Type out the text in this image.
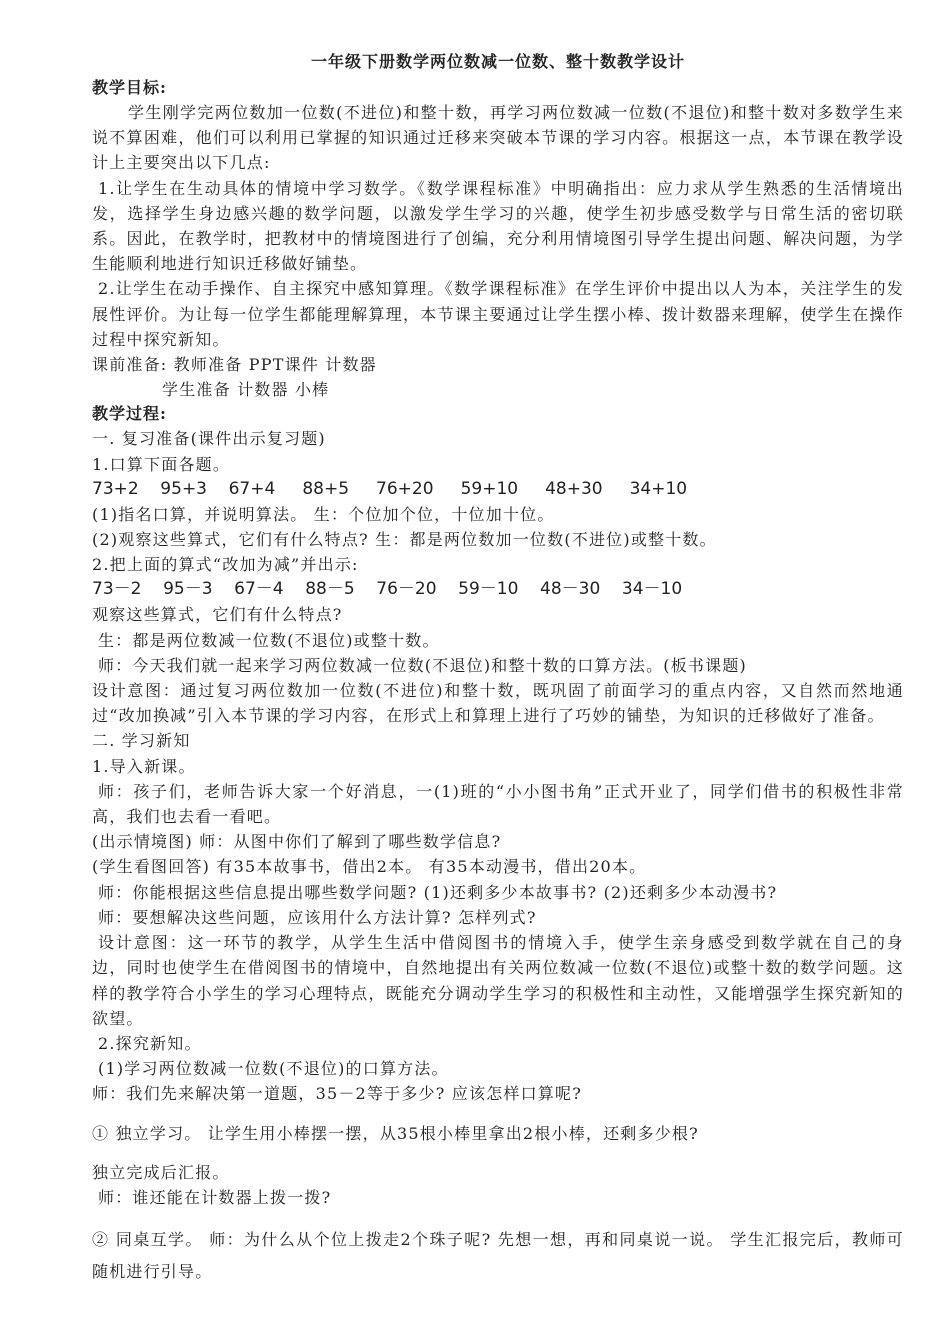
一年级下册数学两位数减一位数、整十数教学设计
教学目标:

学生刚学完两位数加一位数(不进位)和整十数，再学习两位数减一位数(不退位)和整十数对多数学生来说不算困难，他们可以利用已掌握的知识通过迁移来突破本节课的学习内容。根据这一点，本节课在教学设计上主要突出以下几点:

1.让学生在生动具体的情境中学习数学。《数学课程标准》中明确指出：应力求从学生熟悉的生活情境出发，选择学生身边感兴趣的数学问题，以激发学生学习的兴趣，使学生初步感受数学与日常生活的密切联系。因此，在教学时，把教材中的情境图进行了创编，充分利用情境图引导学生提出问题、解决问题，为学生能顺利地进行知识迁移做好铺垫。

2.让学生在动手操作、自主探究中感知算理。《数学课程标准》在学生评价中提出以人为本，关注学生的发展性评价。为让每一位学生都能理解算理，本节课主要通过让学生摆小棒、拨计数器来理解，使学生在操作过程中探究新知。

课前准备: 教师准备 PPT课件 计数器

学生准备 计数器 小棒

教学过程:

一. 复习准备(课件出示复习题)

1.口算下面各题。

73+2    95+3    67+4     88+5     76+20     59+10     48+30     34+10

(1)指名口算，并说明算法。 生：个位加个位，十位加十位。

(2)观察这些算式，它们有什么特点? 生：都是两位数加一位数(不进位)或整十数。

2.把上面的算式“改加为减”并出示:

73－2    95－3    67－4    88－5    76－20    59－10    48－30    34－10

观察这些算式，它们有什么特点?

生：都是两位数减一位数(不退位)或整十数。

师：今天我们就一起来学习两位数减一位数(不退位)和整十数的口算方法。(板书课题)

设计意图：通过复习两位数加一位数(不进位)和整十数，既巩固了前面学习的重点内容，又自然而然地通过“改加换减”引入本节课的学习内容，在形式上和算理上进行了巧妙的铺垫，为知识的迁移做好了准备。

二. 学习新知

1.导入新课。

师：孩子们，老师告诉大家一个好消息，一(1)班的“小小图书角”正式开业了，同学们借书的积极性非常高，我们也去看一看吧。

(出示情境图) 师：从图中你们了解到了哪些数学信息?

(学生看图回答) 有35本故事书，借出2本。 有35本动漫书，借出20本。

师：你能根据这些信息提出哪些数学问题? (1)还剩多少本故事书? (2)还剩多少本动漫书?

师：要想解决这些问题，应该用什么方法计算? 怎样列式?

设计意图：这一环节的教学，从学生生活中借阅图书的情境入手，使学生亲身感受到数学就在自己的身边，同时也使学生在借阅图书的情境中，自然地提出有关两位数减一位数(不退位)或整十数的数学问题。这样的教学符合小学生的学习心理特点，既能充分调动学生学习的积极性和主动性，又能增强学生探究新知的欲望。

2.探究新知。

(1)学习两位数减一位数(不退位)的口算方法。

师：我们先来解决第一道题，35－2等于多少? 应该怎样口算呢?

① 独立学习。 让学生用小棒摆一摆，从35根小棒里拿出2根小棒，还剩多少根?

独立完成后汇报。

师：谁还能在计数器上拨一拨?

② 同桌互学。 师：为什么从个位上拨走2个珠子呢? 先想一想，再和同桌说一说。 学生汇报完后，教师可随机进行引导。
